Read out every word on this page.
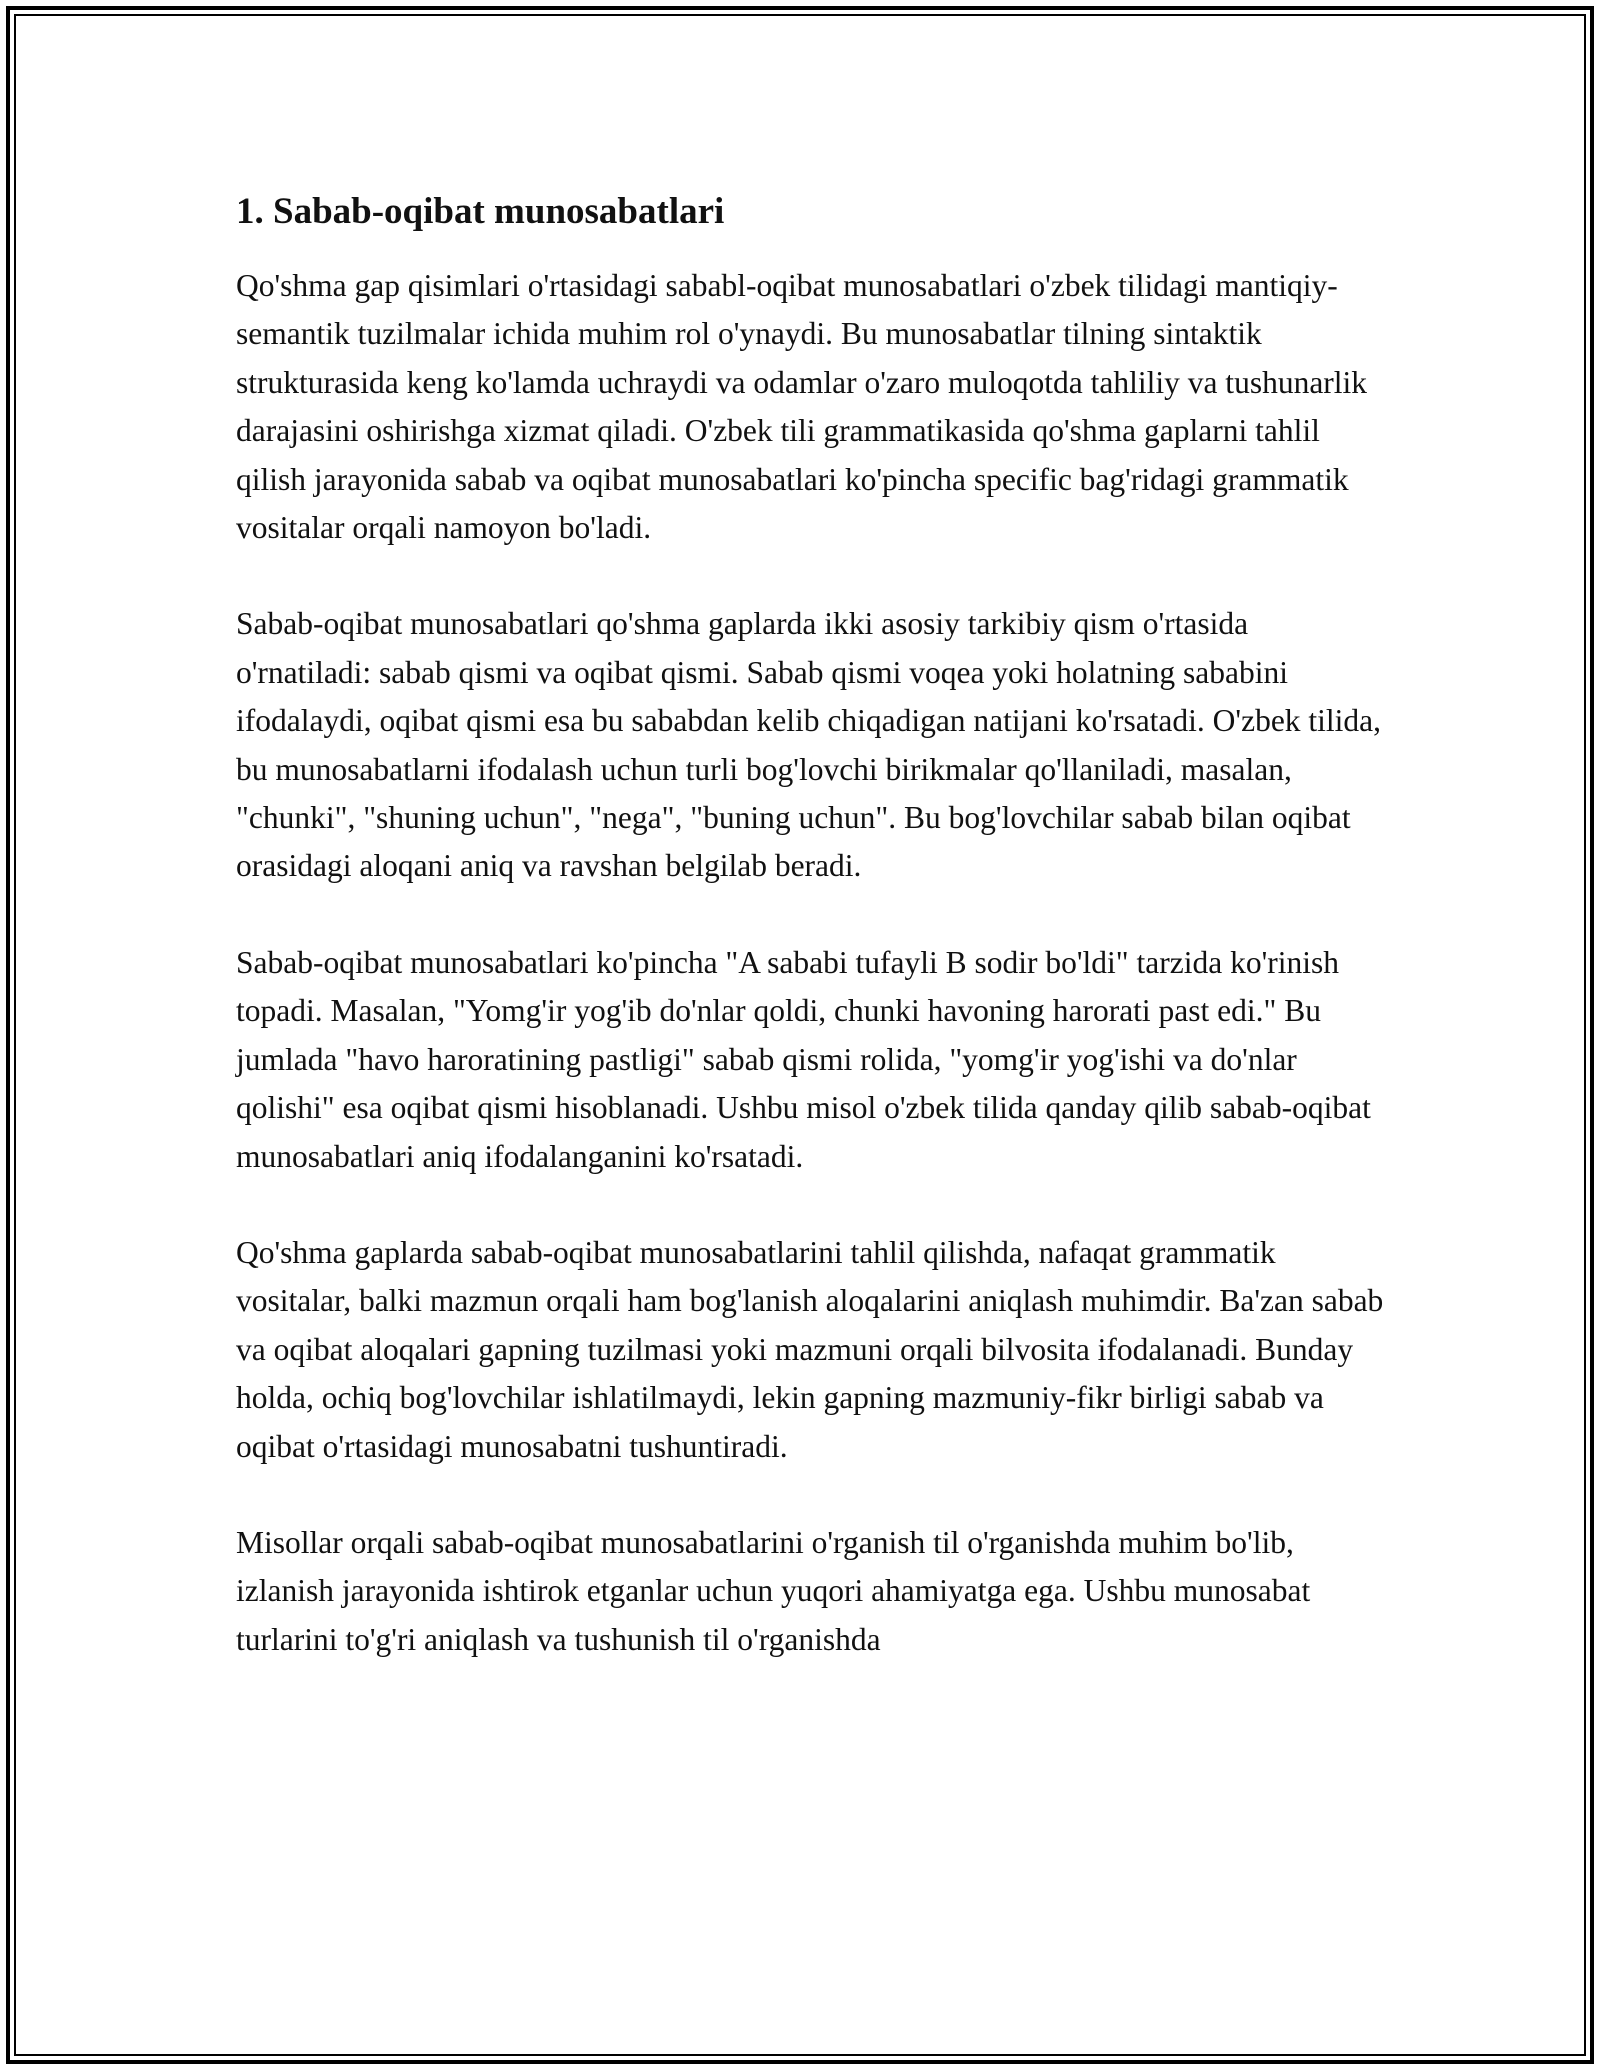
1. Sabab-oqibat munosabatlari

Qo'shma gap qisimlari o'rtasidagi sababl-oqibat munosabatlari o'zbek tilidagi mantiqiy-semantik tuzilmalar ichida muhim rol o'ynaydi. Bu munosabatlar tilning sintaktik strukturasida keng ko'lamda uchraydi va odamlar o'zaro muloqotda tahliliy va tushunarlik darajasini oshirishga xizmat qiladi. O'zbek tili grammatikasida qo'shma gaplarni tahlil qilish jarayonida sabab va oqibat munosabatlari ko'pincha specific bag'ridagi grammatik vositalar orqali namoyon bo'ladi.

Sabab-oqibat munosabatlari qo'shma gaplarda ikki asosiy tarkibiy qism o'rtasida o'rnatiladi: sabab qismi va oqibat qismi. Sabab qismi voqea yoki holatning sababini ifodalaydi, oqibat qismi esa bu sababdan kelib chiqadigan natijani ko'rsatadi. O'zbek tilida, bu munosabatlarni ifodalash uchun turli bog'lovchi birikmalar qo'llaniladi, masalan, "chunki", "shuning uchun", "nega", "buning uchun". Bu bog'lovchilar sabab bilan oqibat orasidagi aloqani aniq va ravshan belgilab beradi.

Sabab-oqibat munosabatlari ko'pincha "A sababi tufayli B sodir bo'ldi" tarzida ko'rinish topadi. Masalan, "Yomg'ir yog'ib do'nlar qoldi, chunki havoning harorati past edi." Bu jumlada "havo haroratining pastligi" sabab qismi rolida, "yomg'ir yog'ishi va do'nlar qolishi" esa oqibat qismi hisoblanadi. Ushbu misol o'zbek tilida qanday qilib sabab-oqibat munosabatlari aniq ifodalanganini ko'rsatadi.

Qo'shma gaplarda sabab-oqibat munosabatlarini tahlil qilishda, nafaqat grammatik vositalar, balki mazmun orqali ham bog'lanish aloqalarini aniqlash muhimdir. Ba'zan sabab va oqibat aloqalari gapning tuzilmasi yoki mazmuni orqali bilvosita ifodalanadi. Bunday holda, ochiq bog'lovchilar ishlatilmaydi, lekin gapning mazmuniy-fikr birligi sabab va oqibat o'rtasidagi munosabatni tushuntiradi.

Misollar orqali sabab-oqibat munosabatlarini o'rganish til o'rganishda muhim bo'lib, izlanish jarayonida ishtirok etganlar uchun yuqori ahamiyatga ega. Ushbu munosabat turlarini to'g'ri aniqlash va tushunish til o'rganishda
